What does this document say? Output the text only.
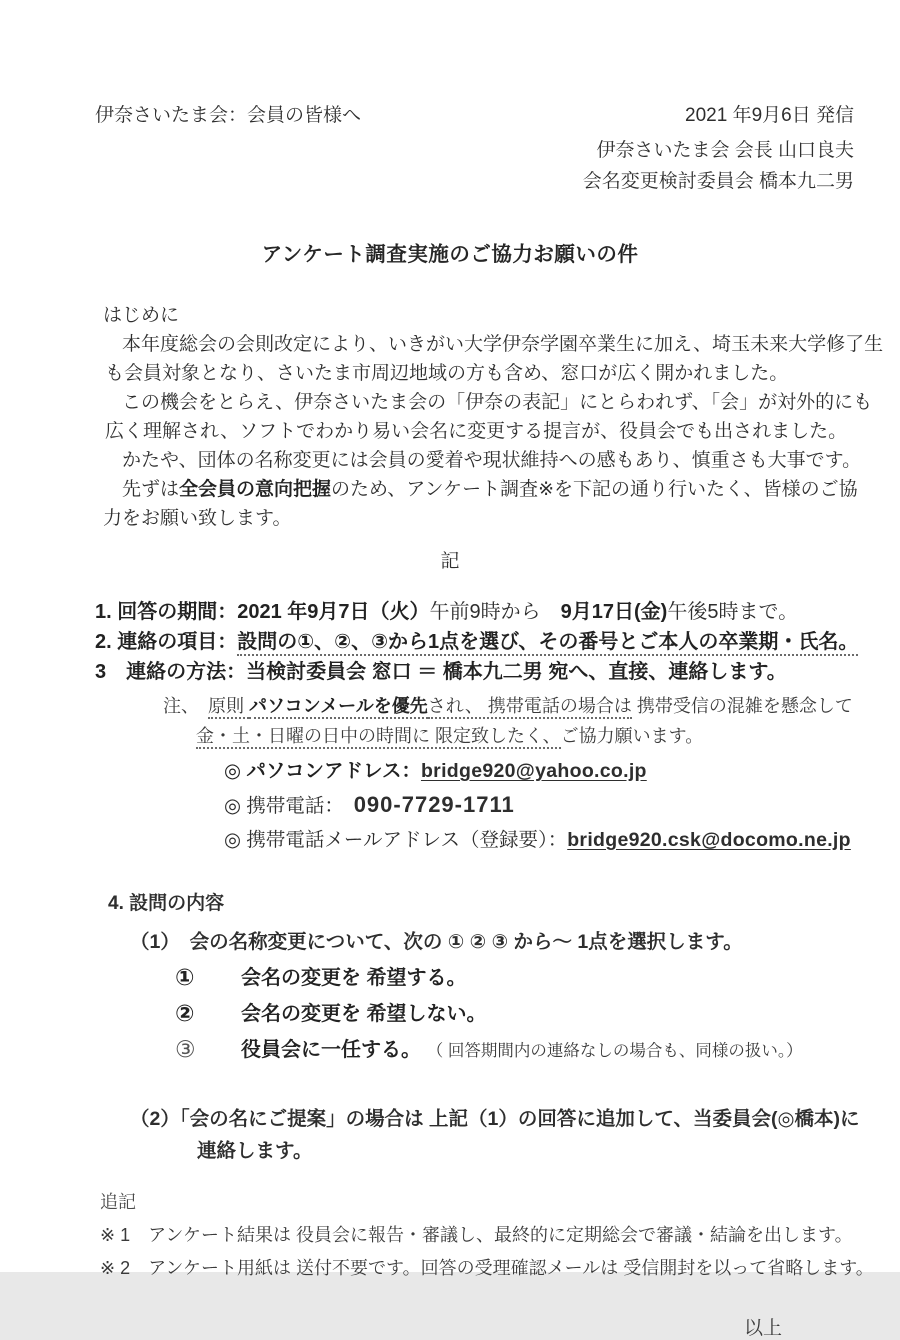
伊奈さいたま会：会員の皆様へ	2021 年9月6日 発信
伊奈さいたま会 会長 山口良夫
会名変更検討委員会 橋本九二男
アンケート調査実施のご協力お願いの件
はじめに
本年度総会の会則改定により、いきがい大学伊奈学園卒業生に加え、埼玉未来大学修了生
も会員対象となり、さいたま市周辺地域の方も含め、窓口が広く開かれました。
この機会をとらえ、伊奈さいたま会の「伊奈の表記」にとらわれず、「会」が対外的にも
広く理解され、ソフトでわかり易い会名に変更する提言が、役員会でも出されました。
かたや、団体の名称変更には会員の愛着や現状維持への感もあり、慎重さも大事です。
先ずは全会員の意向把握のため、アンケート調査※を下記の通り行いたく、皆様のご協
力をお願い致します。
記
1. 回答の期間：2021 年9月7日（火）午前9時から　9月17日(金)午後5時まで。
2. 連絡の項目：設問の①、②、③から1点を選び、その番号とご本人の卒業期・氏名。
3　連絡の方法：当検討委員会 窓口 ＝ 橋本九二男 宛へ、直接、連絡します。
注、　原則 パソコンメールを優先され、 携帯電話の場合は 携帯受信の混雑を懸念して
金・土・日曜の日中の時間に 限定致したく、ご協力願います。
◎ パソコンアドレス：bridge920@yahoo.co.jp
◎ 携帯電話：　090-7729-1711
◎ 携帯電話メールアドレス（登録要）：bridge920.csk@docomo.ne.jp
4. 設問の内容
（1）　会の名称変更について、次の ① ② ③ から～ 1点を選択します。
① 会名の変更を 希望する。
② 会名の変更を 希望しない。
③ 役員会に一任する。 （ 回答期間内の連絡なしの場合も、同様の扱い。）
（2）「会の名にご提案」の場合は 上記（1）の回答に追加して、当委員会(◎橋本)に
連絡します。
追記
※ 1　アンケート結果は 役員会に報告・審議し、最終的に定期総会で審議・結論を出します。
※ 2　アンケート用紙は 送付不要です。回答の受理確認メールは 受信開封を以って省略します。
以上
